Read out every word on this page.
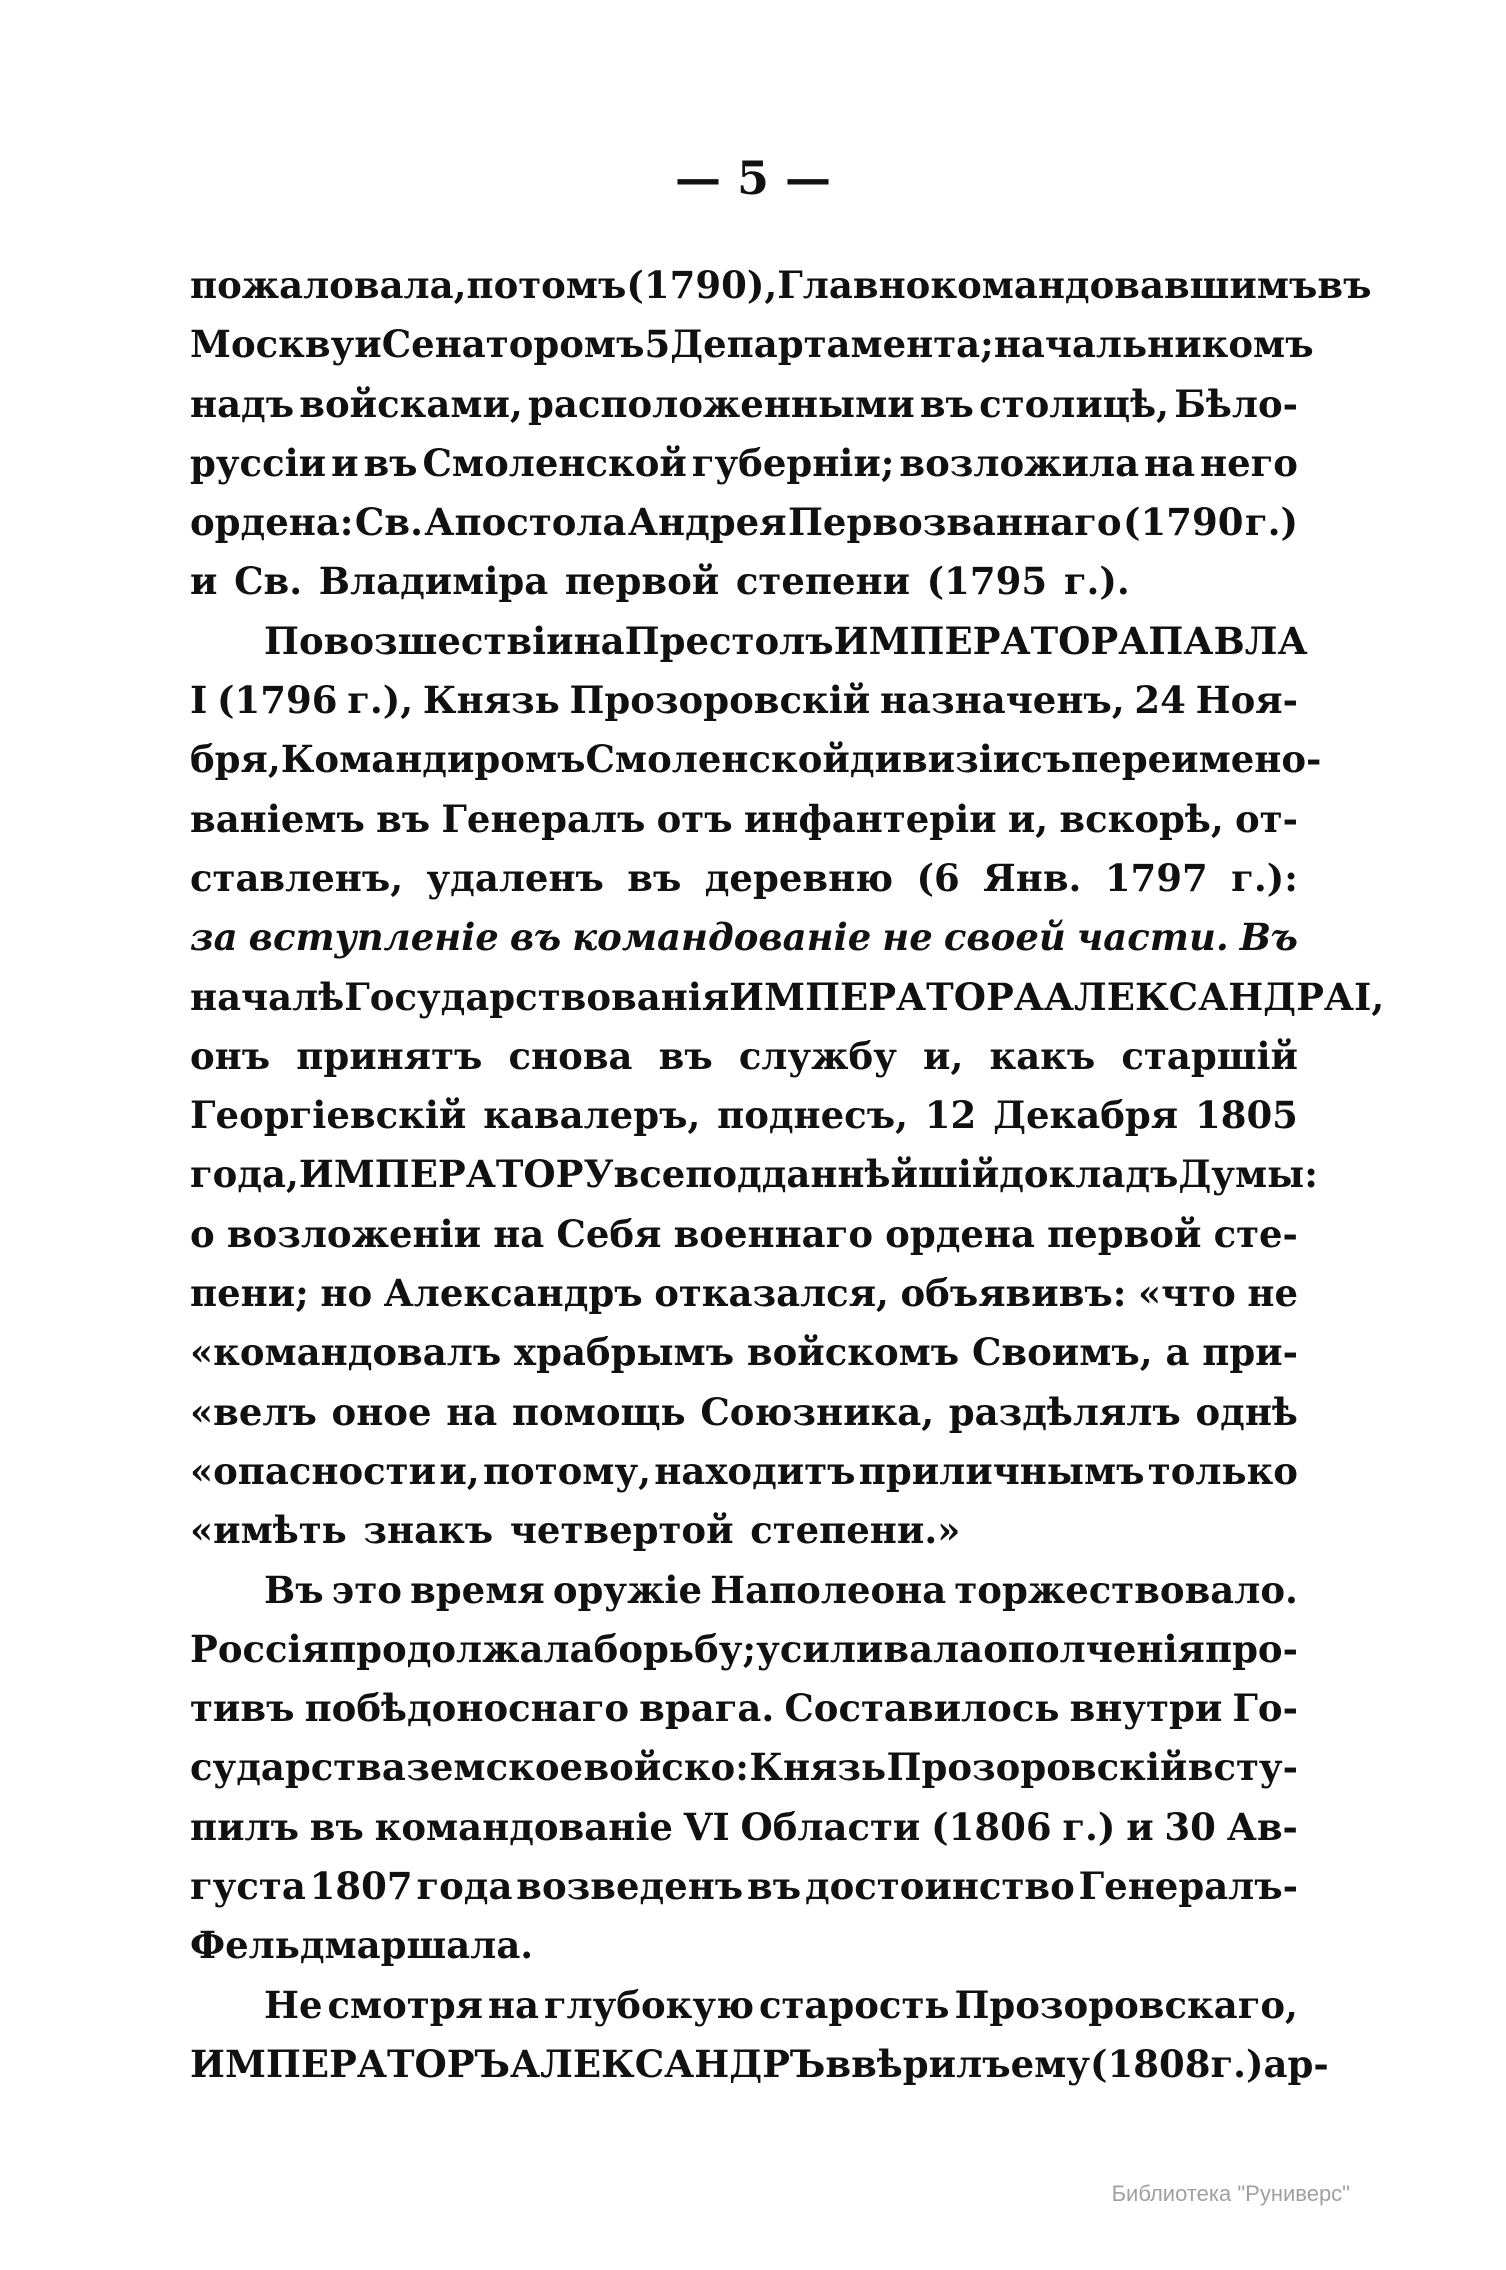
— 5 —
пожаловала, потомъ (1790), Главнокомандовавшимъ въ
Москву и Сенаторомъ 5 Департамента; начальникомъ
надъ войсками, расположенными въ столицѣ, Бѣло-
руссіи и въ Смоленской губерніи; возложила на него
ордена: Св. Апостола Андрея Первозваннаго (1790 г.)
и Св. Владиміра первой степени (1795 г.).
По возшествіи на Престолъ ИМПЕРАТОРА ПАВЛА
I (1796 г.), Князь Прозоровскій назначенъ, 24 Ноя-
бря, Командиромъ Смоленской дивизіи съ переимено-
ваніемъ въ Генералъ отъ инфантеріи и, вскорѣ, от-
ставленъ, удаленъ въ деревню (6 Янв. 1797 г.):
за вступленіе въ командованіе не своей части. Въ
началѣ Государствованія ИМПЕРАТОРА АЛЕКСАНДРА I,
онъ принятъ снова въ службу и, какъ старшій
Георгіевскій кавалеръ, поднесъ, 12 Декабря 1805
года, ИМПЕРАТОРУ всеподданнѣйшій докладъ Думы:
о возложеніи на Себя военнаго ордена первой сте-
пени; но Александръ отказался, объявивъ: «что не
«командовалъ храбрымъ войскомъ Своимъ, а при-
«велъ оное на помощь Союзника, раздѣлялъ однѣ
«опасности и, потому, находитъ приличнымъ только
«имѣть знакъ четвертой степени.»
Въ это время оружіе Наполеона торжествовало.
Россія продолжала борьбу; усиливала ополченія про-
тивъ побѣдоноснаго врага. Составилось внутри Го-
сударства земское войско: Князь Прозоровскій всту-
пилъ въ командованіе VI Области (1806 г.) и 30 Ав-
густа 1807 года возведенъ въ достоинство Генералъ-
Фельдмаршала.
Не смотря на глубокую старость Прозоровскаго,
ИМПЕРАТОРЪ АЛЕКСАНДРЪ ввѣрилъ ему (1808 г.) ар-
Библиотека "Руниверс"
